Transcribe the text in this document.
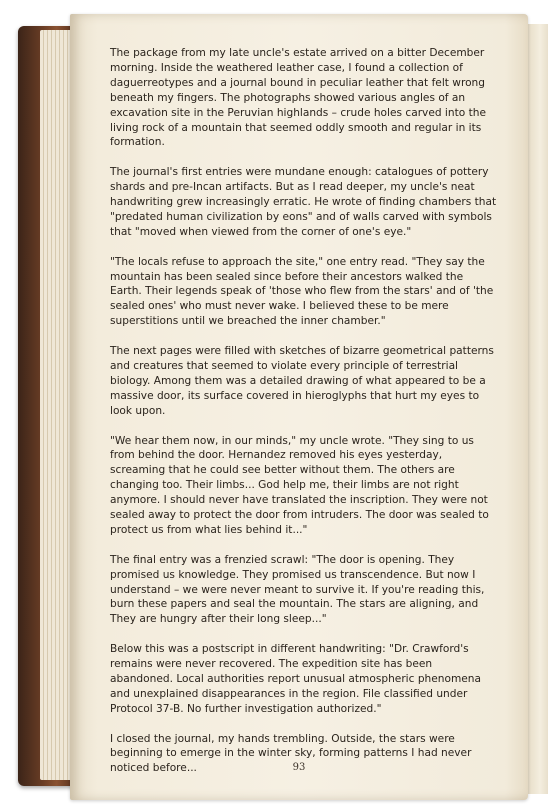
The package from my late uncle's estate arrived on a bitter December morning. Inside the weathered leather case, I found a collection of daguerreotypes and a journal bound in peculiar leather that felt wrong beneath my fingers. The photographs showed various angles of an excavation site in the Peruvian highlands – crude holes carved into the living rock of a mountain that seemed oddly smooth and regular in its formation.

The journal's first entries were mundane enough: catalogues of pottery shards and pre-Incan artifacts. But as I read deeper, my uncle's neat handwriting grew increasingly erratic. He wrote of finding chambers that "predated human civilization by eons" and of walls carved with symbols that "moved when viewed from the corner of one's eye."

"The locals refuse to approach the site," one entry read. "They say the mountain has been sealed since before their ancestors walked the Earth. Their legends speak of 'those who flew from the stars' and of 'the sealed ones' who must never wake. I believed these to be mere superstitions until we breached the inner chamber."

The next pages were filled with sketches of bizarre geometrical patterns and creatures that seemed to violate every principle of terrestrial biology. Among them was a detailed drawing of what appeared to be a massive door, its surface covered in hieroglyphs that hurt my eyes to look upon.

"We hear them now, in our minds," my uncle wrote. "They sing to us from behind the door. Hernandez removed his eyes yesterday, screaming that he could see better without them. The others are changing too. Their limbs... God help me, their limbs are not right anymore. I should never have translated the inscription. They were not sealed away to protect the door from intruders. The door was sealed to protect us from what lies behind it..."

The final entry was a frenzied scrawl: "The door is opening. They promised us knowledge. They promised us transcendence. But now I understand – we were never meant to survive it. If you're reading this, burn these papers and seal the mountain. The stars are aligning, and They are hungry after their long sleep..."

Below this was a postscript in different handwriting: "Dr. Crawford's remains were never recovered. The expedition site has been abandoned. Local authorities report unusual atmospheric phenomena and unexplained disappearances in the region. File classified under Protocol 37-B. No further investigation authorized."

I closed the journal, my hands trembling. Outside, the stars were beginning to emerge in the winter sky, forming patterns I had never noticed before...	93
